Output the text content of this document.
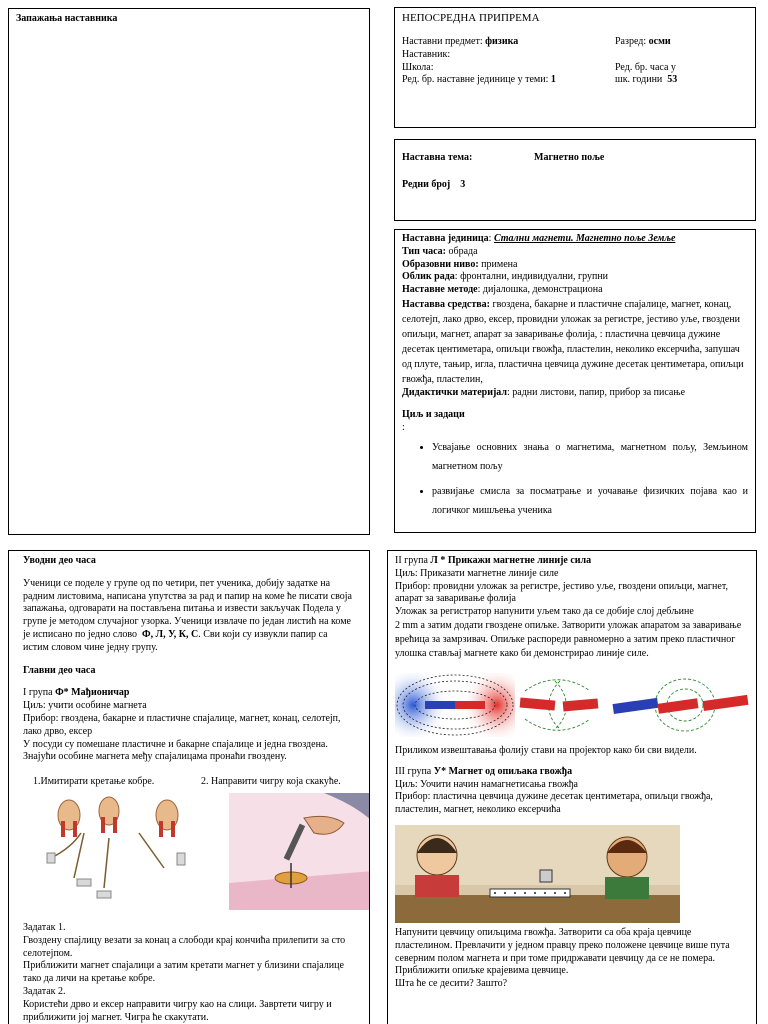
Запажања наставника	НЕПОСРЕДНА ПРИПРЕМА

Наставни предмет: физика	Разред: осми

Наставник:

Школа:	Ред. бр. часа у
Ред. бр. наставне јединице у теми: 1	шк. години 53
Наставна тема:	Магнетно поље

Редни број 3

Наставна јединица: Стални магнети. Магнетно поље Земље

Тип часа: обрада

Образовни ниво: примена

Облик рада: фронтални, индивидуални, групни

Наставне методе: дијалошка, демонстрациона

Наставва средства: гвоздена, бакарне и пластичне спајалице, магнет, конац, селотејп, лако дрво, ексер, провидни уложак за регистре, јестиво уље, гвоздени опиљци, магнет, апарат за заваривање фолија, : пластична цевчица дужине десетак центиметара, опиљци гвожђа, пластелин, неколико ексерчића, запушач од плуте, тањир, игла, пластична цевчица дужине десетак центиметара, опиљци гвожђа, пластелин,

Дидактички материјал: радни листови, папир, прибор за писање

Циљ и задаци

:

• Усвајање основних знања о магнетима, магнетном пољу, Земљином магнетном пољу
• развијање смисла за посматрање и уочавање физичких појава као и логичког мишљења ученика

Уводни део часа

Ученици се поделе у групе од по четири, пет ученика, добију задатке на радним листовима, написана упутства за рад и папир на коме ће писати своја запажања, одговарати на постављена питања и извести закључак Подела у групе је методом случајног узорка. Ученици извлаче по један листић на коме је исписано по једно слово Ф, Л, У, К, С. Сви који су извукли папир са истим словом чине једну групу.

Главни део часа

I група Ф* Мађионичар

Циљ: учити особине магнета

Прибор: гвоздена, бакарне и пластичне спајалице, магнет, конац, селотејп, лако дрво, ексер

У посуди су помешане пластичне и бакарне спајалице и једна гвоздена. Знајући особине магнета међу спајалицама пронаћи гвоздену.

1.Имитирати кретање кобре.	2. Направити чигру која скакуће.

Задатак 1.

Гвоздену спајлицу везати за конац а слободи крај кончића прилепити за сто селотејпом.

Приближити магнет спајалици а затим кретати магнет у близини спајалице тако да личи на кретање кобре.

Задатак 2.

Користећи дрво и ексер направити чигру као на слици. Завртети чигру и приближити јој магнет. Чигра ће скакутати.

II група Л * Прикажи магнетне линије сила

Циљ: Приказати магнетне линије силе

Прибор: провидни уложак за регистре, јестиво уље, гвоздени опиљци, магнет, апарат за заваривање фолија

Уложак за регистратор напунити уљем тако да се добије слој дебљине

2 mm а затим додати гвоздене опиљке. Затворити уложак апаратом за заваривање врећица за замрзивач. Опиљке распореди равномерно а затим преко пластичног улошка стављај магнете како би демонстрирао линије силе.

Приликом извештавања фолију стави на пројектор како би сви видели.

III група У* Магнет од опиљака гвожђа

Циљ: Уочити начин намагнетисања гвожђа

Прибор: пластична цевчица дужине десетак центиметара, опиљци гвожђа, пластелин, магнет, неколико ексерчића

Напунити цевчицу опиљцима гвожђа. Затворити са оба краја цевчице пластелином. Превлачити у једном правцу преко положене цевчице више пута северним полом магнета и при томе придржавати цевчицу да се не помера. Приближити опиљке крајевима цевчице.

Шта ће се десити? Зашто?
